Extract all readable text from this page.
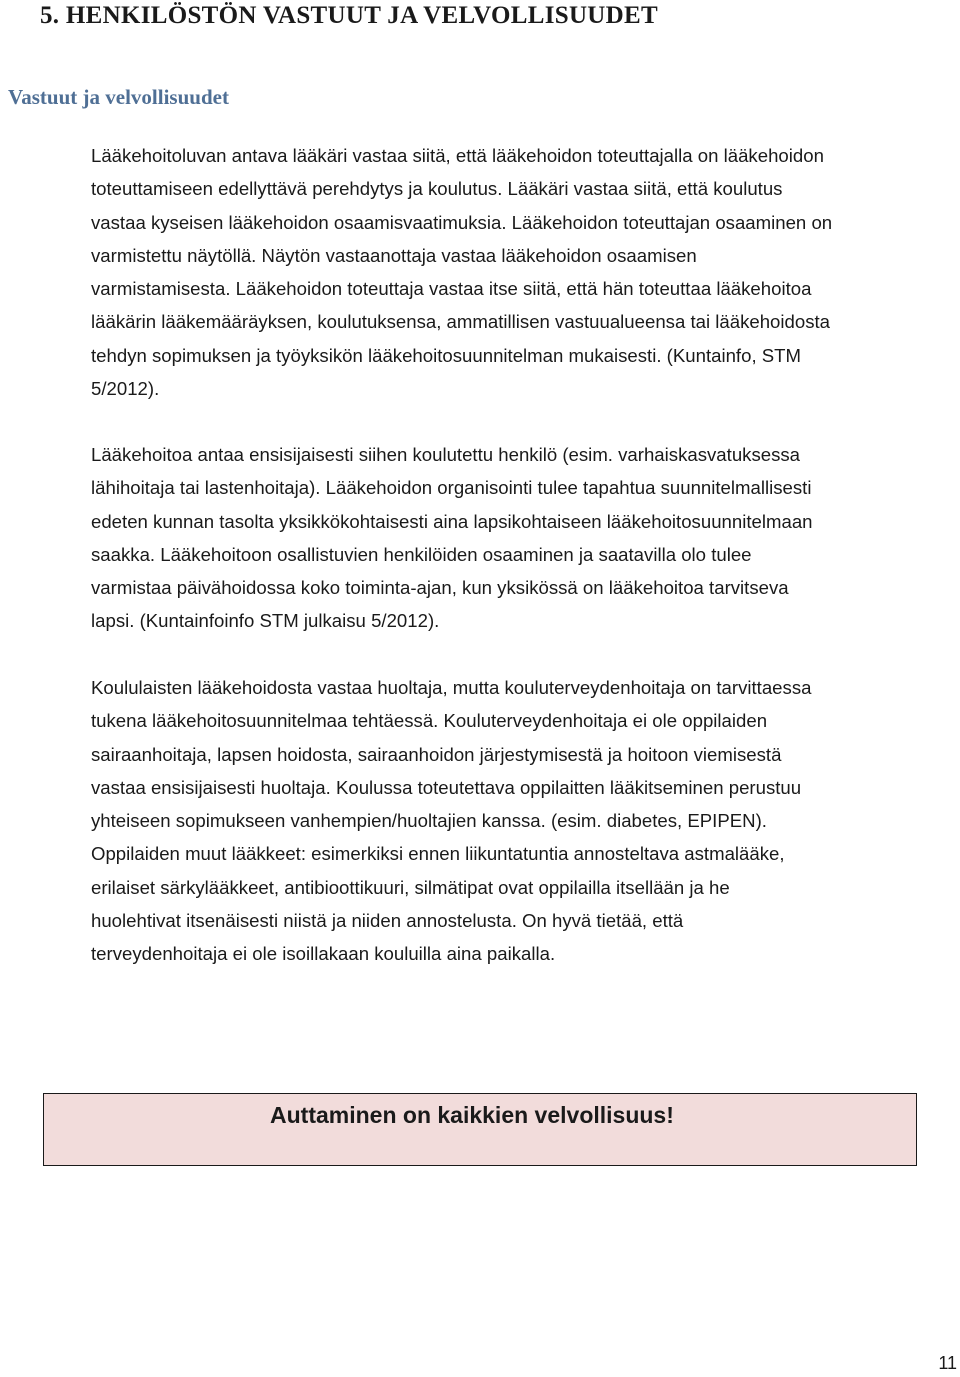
5. HENKILÖSTÖN VASTUUT JA VELVOLLISUUDET
Vastuut ja velvollisuudet

Lääkehoitoluvan antava lääkäri vastaa siitä, että lääkehoidon toteuttajalla on lääkehoidon
toteuttamiseen edellyttävä perehdytys ja koulutus. Lääkäri vastaa siitä, että koulutus
vastaa kyseisen lääkehoidon osaamisvaatimuksia. Lääkehoidon toteuttajan osaaminen on
varmistettu näytöllä. Näytön vastaanottaja vastaa lääkehoidon osaamisen
varmistamisesta. Lääkehoidon toteuttaja vastaa itse siitä, että hän toteuttaa lääkehoitoa
lääkärin lääkemääräyksen, koulutuksensa, ammatillisen vastuualueensa tai lääkehoidosta
tehdyn sopimuksen ja työyksikön lääkehoitosuunnitelman mukaisesti. (Kuntainfo, STM
5/2012).

Lääkehoitoa antaa ensisijaisesti siihen koulutettu henkilö (esim. varhaiskasvatuksessa
lähihoitaja tai lastenhoitaja). Lääkehoidon organisointi tulee tapahtua suunnitelmallisesti
edeten kunnan tasolta yksikkökohtaisesti aina lapsikohtaiseen lääkehoitosuunnitelmaan
saakka. Lääkehoitoon osallistuvien henkilöiden osaaminen ja saatavilla olo tulee
varmistaa päivähoidossa koko toiminta-ajan, kun yksikössä on lääkehoitoa tarvitseva
lapsi. (Kuntainfoinfo STM julkaisu 5/2012).

Koululaisten lääkehoidosta vastaa huoltaja, mutta kouluterveydenhoitaja on tarvittaessa
tukena lääkehoitosuunnitelmaa tehtäessä. Kouluterveydenhoitaja ei ole oppilaiden
sairaanhoitaja, lapsen hoidosta, sairaanhoidon järjestymisestä ja hoitoon viemisestä
vastaa ensisijaisesti huoltaja. Koulussa toteutettava oppilaitten lääkitseminen perustuu
yhteiseen sopimukseen vanhempien/huoltajien kanssa. (esim. diabetes, EPIPEN).
Oppilaiden muut lääkkeet: esimerkiksi ennen liikuntatuntia annosteltava astmalääke,
erilaiset särkylääkkeet, antibioottikuuri, silmätipat ovat oppilailla itsellään ja he
huolehtivat itsenäisesti niistä ja niiden annostelusta. On hyvä tietää, että
terveydenhoitaja ei ole isoillakaan kouluilla aina paikalla.

Auttaminen on kaikkien velvollisuus!

11
